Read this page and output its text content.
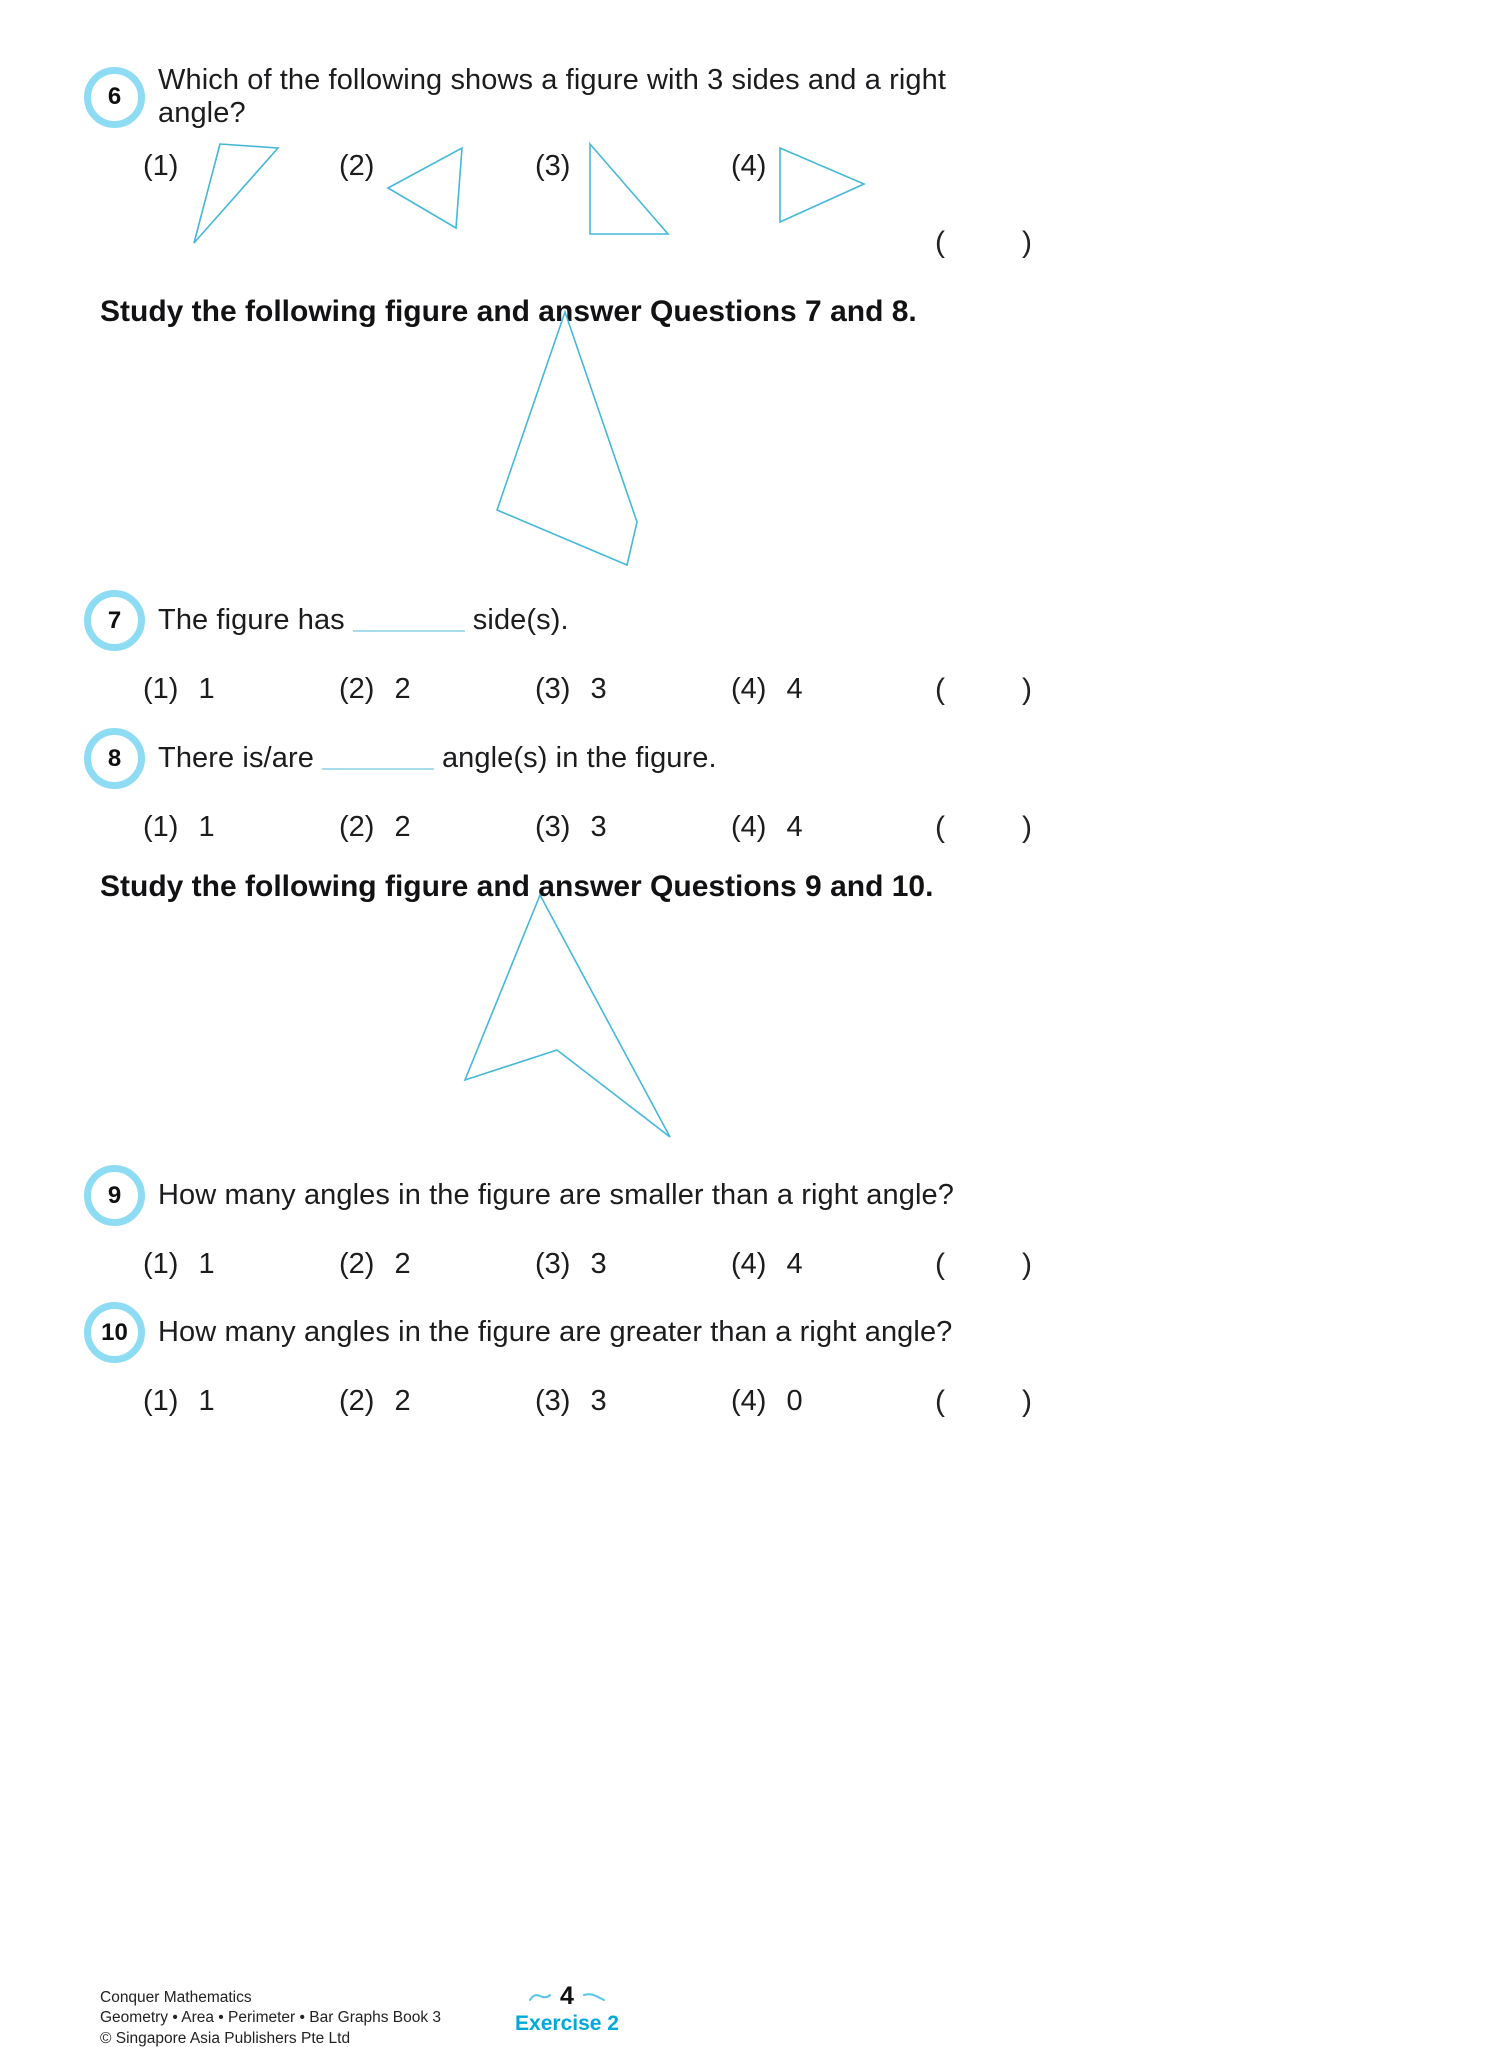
6
Which of the following shows a figure with 3 sides and a right angle?
(1)	(2)	(3)	(4)
(	)
Study the following figure and answer Questions 7 and 8.
7	The figure has	side(s).
(1) 1	(2) 2	(3) 3	(4) 4	(	)
8	There is/are	angle(s) in the figure.
(1) 1	(2) 2	(3) 3	(4) 4	(	)
Study the following figure and answer Questions 9 and 10.
9	How many angles in the figure are smaller than a right angle?
(1) 1	(2) 2	(3) 3	(4) 4	(	)
10	How many angles in the figure are greater than a right angle?
(1) 1	(2) 2	(3) 3	(4) 0	(	)
Conquer Mathematics
Geometry • Area • Perimeter • Bar Graphs Book 3
© Singapore Asia Publishers Pte Ltd
4
Exercise 2
